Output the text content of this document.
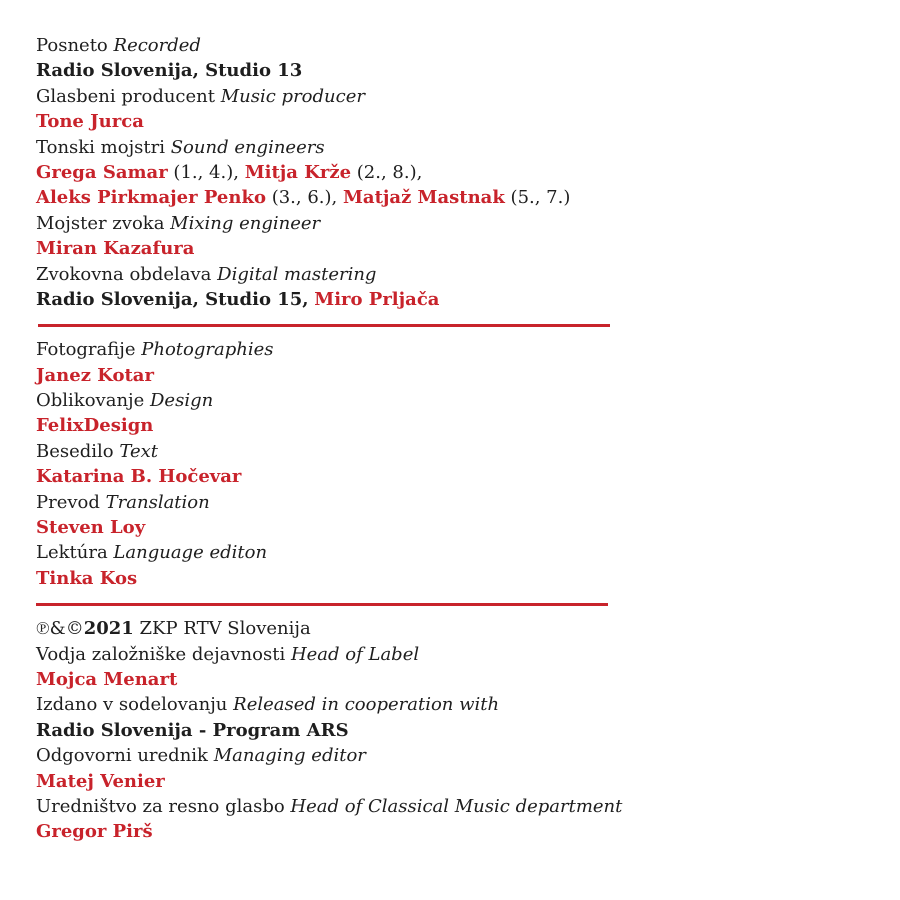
Posneto Recorded
Radio Slovenija, Studio 13
Glasbeni producent Music producer
Tone Jurca
Tonski mojstri Sound engineers
Grega Samar (1., 4.), Mitja Krže (2., 8.),
Aleks Pirkmajer Penko (3., 6.), Matjaž Mastnak (5., 7.)
Mojster zvoka Mixing engineer
Miran Kazafura
Zvokovna obdelava Digital mastering
Radio Slovenija, Studio 15, Miro Prljača
Fotografije Photographies
Janez Kotar
Oblikovanje Design
FelixDesign
Besedilo Text
Katarina B. Hočevar
Prevod Translation
Steven Loy
Lektúra Language editon
Tinka Kos
℗&©2021 ZKP RTV Slovenija
Vodja založniške dejavnosti Head of Label
Mojca Menart
Izdano v sodelovanju Released in cooperation with
Radio Slovenija - Program ARS
Odgovorni urednik Managing editor
Matej Venier
Uredništvo za resno glasbo Head of Classical Music department
Gregor Pirš
